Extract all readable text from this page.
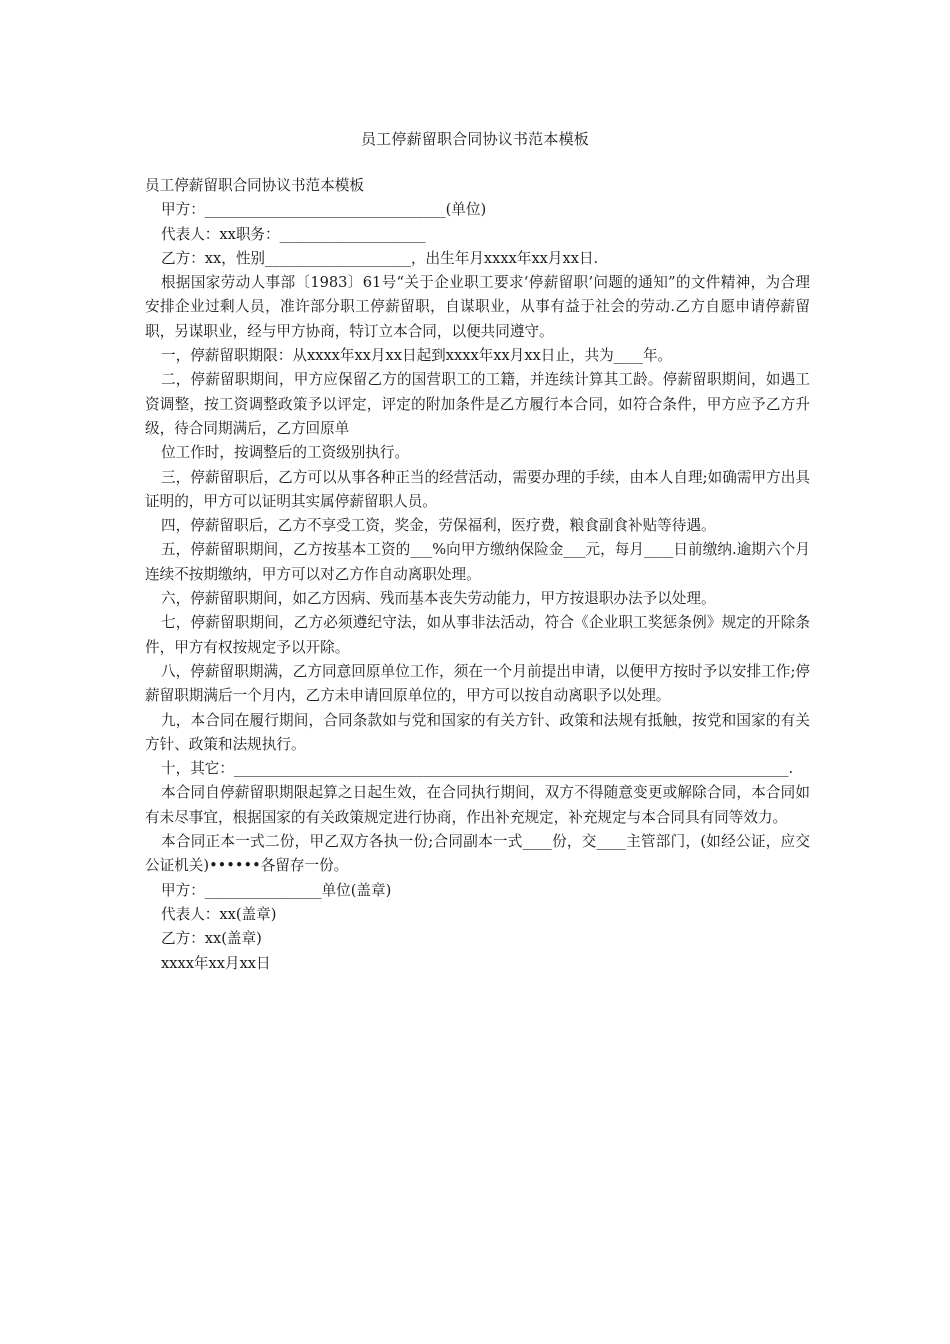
员工停薪留职合同协议书范本模板

员工停薪留职合同协议书范本模板

甲方：_________________________________(单位)

代表人：xx职务：____________________

乙方：xx，性别____________________，出生年月xxxx年xx月xx日.

根据国家劳动人事部〔1983〕61号“关于企业职工要求‘停薪留职’问题的通知”的文件精神，为合理安排企业过剩人员，准许部分职工停薪留职，自谋职业，从事有益于社会的劳动.乙方自愿申请停薪留职，另谋职业，经与甲方协商，特订立本合同，以便共同遵守。

一，停薪留职期限：从xxxx年xx月xx日起到xxxx年xx月xx日止，共为____年。

二，停薪留职期间，甲方应保留乙方的国营职工的工籍，并连续计算其工龄。停薪留职期间，如遇工资调整，按工资调整政策予以评定，评定的附加条件是乙方履行本合同，如符合条件，甲方应予乙方升级，待合同期满后，乙方回原单

位工作时，按调整后的工资级别执行。

三，停薪留职后，乙方可以从事各种正当的经营活动，需要办理的手续，由本人自理;如确需甲方出具证明的，甲方可以证明其实属停薪留职人员。

四，停薪留职后，乙方不享受工资，奖金，劳保福利，医疗费，粮食副食补贴等待遇。

五，停薪留职期间，乙方按基本工资的___%向甲方缴纳保险金___元，每月____日前缴纳.逾期六个月连续不按期缴纳，甲方可以对乙方作自动离职处理。

六，停薪留职期间，如乙方因病、残而基本丧失劳动能力，甲方按退职办法予以处理。

七，停薪留职期间，乙方必须遵纪守法，如从事非法活动，符合《企业职工奖惩条例》规定的开除条件，甲方有权按规定予以开除。

八，停薪留职期满，乙方同意回原单位工作，须在一个月前提出申请，以便甲方按时予以安排工作;停薪留职期满后一个月内，乙方未申请回原单位的，甲方可以按自动离职予以处理。

九，本合同在履行期间，合同条款如与党和国家的有关方针、政策和法规有抵触，按党和国家的有关方针、政策和法规执行。

十，其它：____________________________________________________________________________.

本合同自停薪留职期限起算之日起生效，在合同执行期间，双方不得随意变更或解除合同，本合同如有未尽事宜，根据国家的有关政策规定进行协商，作出补充规定，补充规定与本合同具有同等效力。

本合同正本一式二份，甲乙双方各执一份;合同副本一式____份，交____主管部门，(如经公证，应交公证机关)••••••各留存一份。

甲方：________________单位(盖章)

代表人：xx(盖章)

乙方：xx(盖章)

xxxx年xx月xx日
